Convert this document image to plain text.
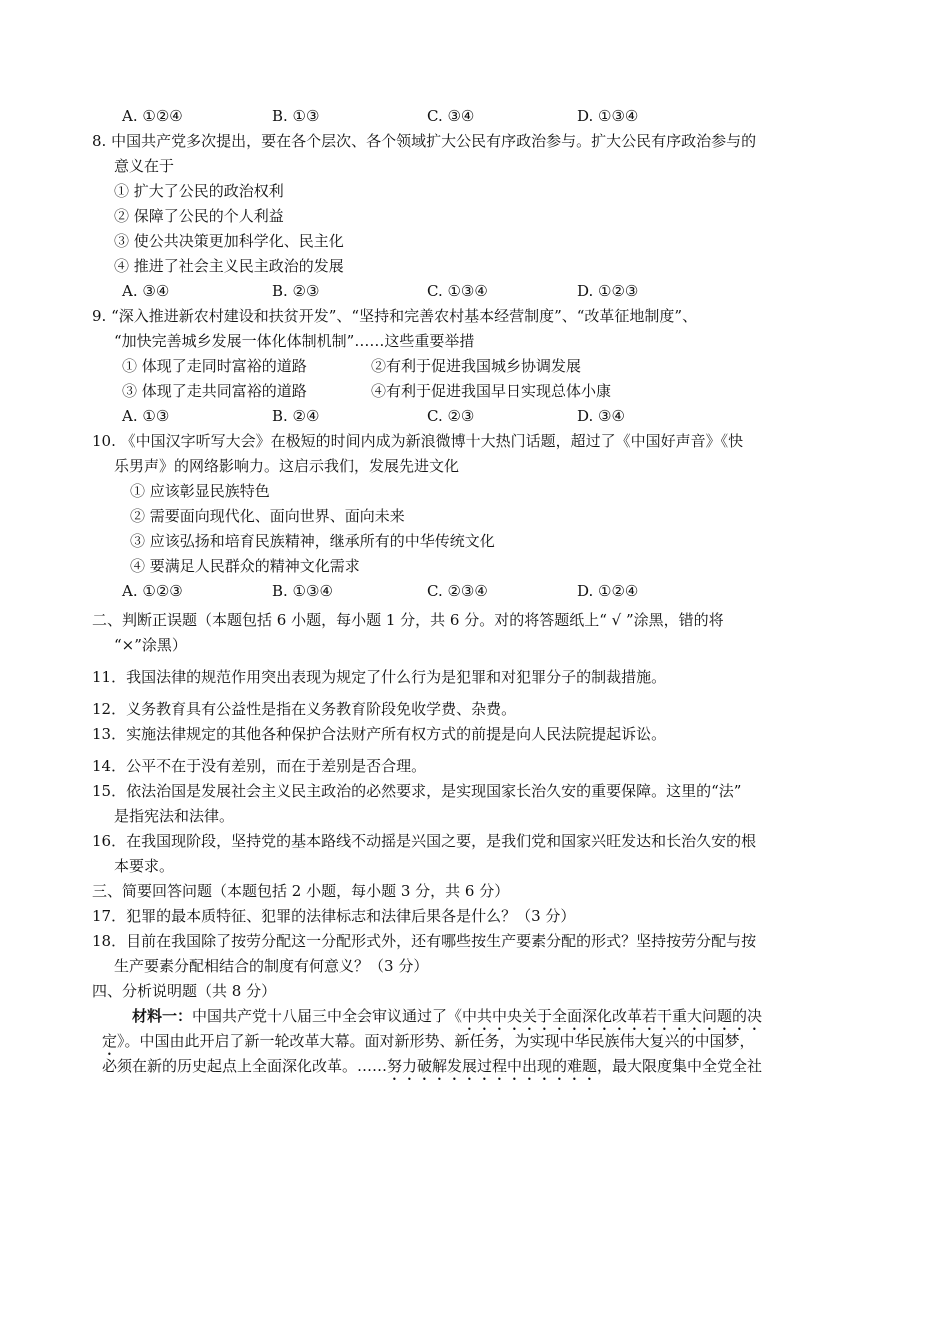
A. ①②④	B. ①③	C. ③④	D. ①③④
8. 中国共产党多次提出，要在各个层次、各个领域扩大公民有序政治参与。扩大公民有序政治参与的
意义在于
① 扩大了公民的政治权利
② 保障了公民的个人利益
③ 使公共决策更加科学化、民主化
④ 推进了社会主义民主政治的发展
A. ③④	B. ②③	C. ①③④	D. ①②③
9. “深入推进新农村建设和扶贫开发”、“坚持和完善农村基本经营制度”、“改革征地制度”、
“加快完善城乡发展一体化体制机制”……这些重要举措
① 体现了走同时富裕的道路	②有利于促进我国城乡协调发展
③ 体现了走共同富裕的道路	④有利于促进我国早日实现总体小康
A. ①③	B. ②④	C. ②③	D. ③④
10. 《中国汉字听写大会》在极短的时间内成为新浪微博十大热门话题，超过了《中国好声音》《快
乐男声》的网络影响力。这启示我们，发展先进文化
① 应该彰显民族特色
② 需要面向现代化、面向世界、面向未来
③ 应该弘扬和培育民族精神，继承所有的中华传统文化
④ 要满足人民群众的精神文化需求
A. ①②③	B. ①③④	C. ②③④	D. ①②④
二、判断正误题（本题包括 6 小题，每小题 1 分，共 6 分。对的将答题纸上“ √ ”涂黑，错的将
“×”涂黑）
11．我国法律的规范作用突出表现为规定了什么行为是犯罪和对犯罪分子的制裁措施。
12．义务教育具有公益性是指在义务教育阶段免收学费、杂费。
13．实施法律规定的其他各种保护合法财产所有权方式的前提是向人民法院提起诉讼。
14．公平不在于没有差别，而在于差别是否合理。
15．依法治国是发展社会主义民主政治的必然要求，是实现国家长治久安的重要保障。这里的“法”
是指宪法和法律。
16．在我国现阶段，坚持党的基本路线不动摇是兴国之要，是我们党和国家兴旺发达和长治久安的根
本要求。
三、简要回答问题（本题包括 2 小题，每小题 3 分，共 6 分）
17．犯罪的最本质特征、犯罪的法律标志和法律后果各是什么？（3 分）
18．目前在我国除了按劳分配这一分配形式外，还有哪些按生产要素分配的形式？坚持按劳分配与按
生产要素分配相结合的制度有何意义？（3 分）
四、分析说明题（共 8 分）
材料一：中国共产党十八届三中全会审议通过了《中共中央关于全面深化改革若干重大问题的决
定》。中国由此开启了新一轮改革大幕。面对新形势、新任务，为实现中华民族伟大复兴的中国梦，
必须在新的历史起点上全面深化改革。……努力破解发展过程中出现的难题，最大限度集中全党全社
